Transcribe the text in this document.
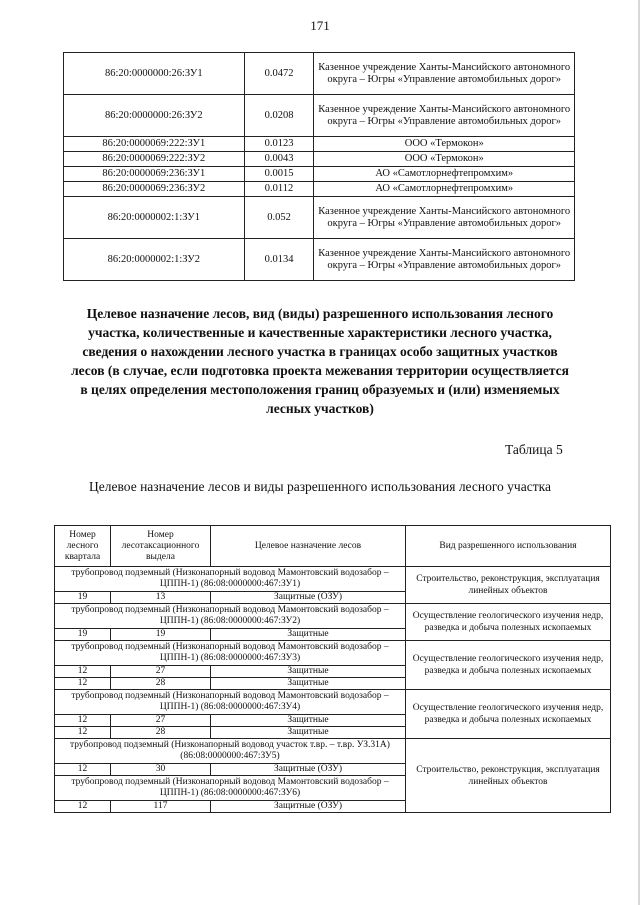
171
86:20:0000000:26:ЗУ1	0.0472	Казенное учреждение Ханты-Мансийского автономного округа – Югры «Управление автомобильных дорог»
86:20:0000000:26:ЗУ2	0.0208	Казенное учреждение Ханты-Мансийского автономного округа – Югры «Управление автомобильных дорог»
86:20:0000069:222:ЗУ1	0.0123	ООО «Термокон»
86:20:0000069:222:ЗУ2	0.0043	ООО «Термокон»
86:20:0000069:236:ЗУ1	0.0015	АО «Самотлорнефтепромхим»
86:20:0000069:236:ЗУ2	0.0112	АО «Самотлорнефтепромхим»
86:20:0000002:1:ЗУ1	0.052	Казенное учреждение Ханты-Мансийского автономного округа – Югры «Управление автомобильных дорог»
86:20:0000002:1:ЗУ2	0.0134	Казенное учреждение Ханты-Мансийского автономного округа – Югры «Управление автомобильных дорог»
Целевое назначение лесов, вид (виды) разрешенного использования лесного участка, количественные и качественные характеристики лесного участка, сведения о нахождении лесного участка в границах особо защитных участков лесов (в случае, если подготовка проекта межевания территории осуществляется в целях определения местоположения границ образуемых и (или) изменяемых лесных участков)
Таблица 5
Целевое назначение лесов и виды разрешенного использования лесного участка
Номер лесного квартала	Номер лесотаксационного выдела	Целевое назначение лесов	Вид разрешенного использования
трубопровод подземный (Низконапорный водовод Мамонтовский водозабор – ЦППН-1) (86:08:0000000:467:ЗУ1)			Строительство, реконструкция, эксплуатация линейных объектов
19	13	Защитные (ОЗУ)	
трубопровод подземный (Низконапорный водовод Мамонтовский водозабор – ЦППН-1) (86:08:0000000:467:ЗУ2)			Осуществление геологического изучения недр, разведка и добыча полезных ископаемых
19	19	Защитные	
трубопровод подземный (Низконапорный водовод Мамонтовский водозабор – ЦППН-1) (86:08:0000000:467:ЗУ3)			Осуществление геологического изучения недр, разведка и добыча полезных ископаемых
12	27	Защитные	
12	28	Защитные	
трубопровод подземный (Низконапорный водовод Мамонтовский водозабор – ЦППН-1) (86:08:0000000:467:ЗУ4)			Осуществление геологического изучения недр, разведка и добыча полезных ископаемых
12	27	Защитные	
12	28	Защитные	
трубопровод подземный (Низконапорный водовод участок т.вр. – т.вр. УЗ.31А) (86:08:0000000:467:ЗУ5)			Строительство, реконструкция, эксплуатация линейных объектов
12	30	Защитные (ОЗУ)	
трубопровод подземный (Низконапорный водовод Мамонтовский водозабор – ЦППН-1) (86:08:0000000:467:ЗУ6)			
12	117	Защитные (ОЗУ)	
